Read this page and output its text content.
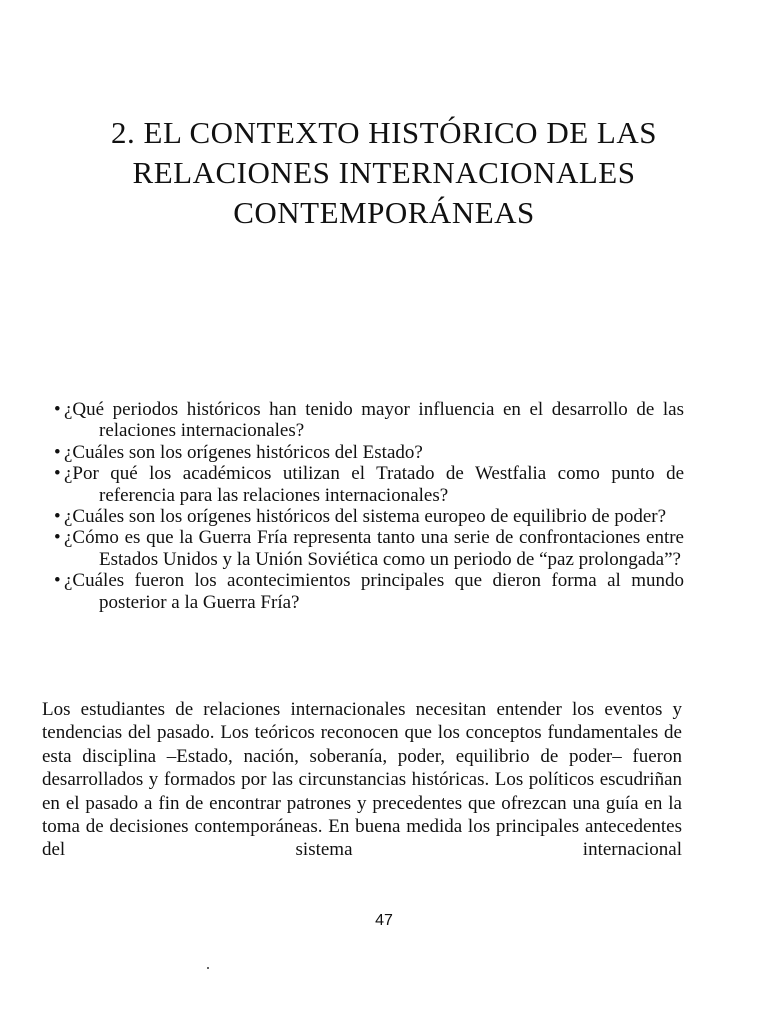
2. EL CONTEXTO HISTÓRICO DE LAS
RELACIONES INTERNACIONALES
CONTEMPORÁNEAS
• ¿Qué periodos históricos han tenido mayor influencia en el desarrollo de las relaciones internacionales?
• ¿Cuáles son los orígenes históricos del Estado?
• ¿Por qué los académicos utilizan el Tratado de Westfalia como punto de referencia para las relaciones internacionales?
• ¿Cuáles son los orígenes históricos del sistema europeo de equilibrio de poder?
• ¿Cómo es que la Guerra Fría representa tanto una serie de confrontaciones entre Estados Unidos y la Unión Soviética como un periodo de “paz prolongada”?
• ¿Cuáles fueron los acontecimientos principales que dieron forma al mundo posterior a la Guerra Fría?

Los estudiantes de relaciones internacionales necesitan entender los eventos y tendencias del pasado. Los teóricos reconocen que los conceptos fundamentales de esta disciplina –Estado, nación, soberanía, poder, equilibrio de poder– fueron desarrollados y formados por las circunstancias históricas. Los políticos escudriñan en el pasado a fin de encontrar patrones y precedentes que ofrezcan una guía en la toma de decisiones contemporáneas. En buena medida los principales antecedentes del sistema internacional

47
